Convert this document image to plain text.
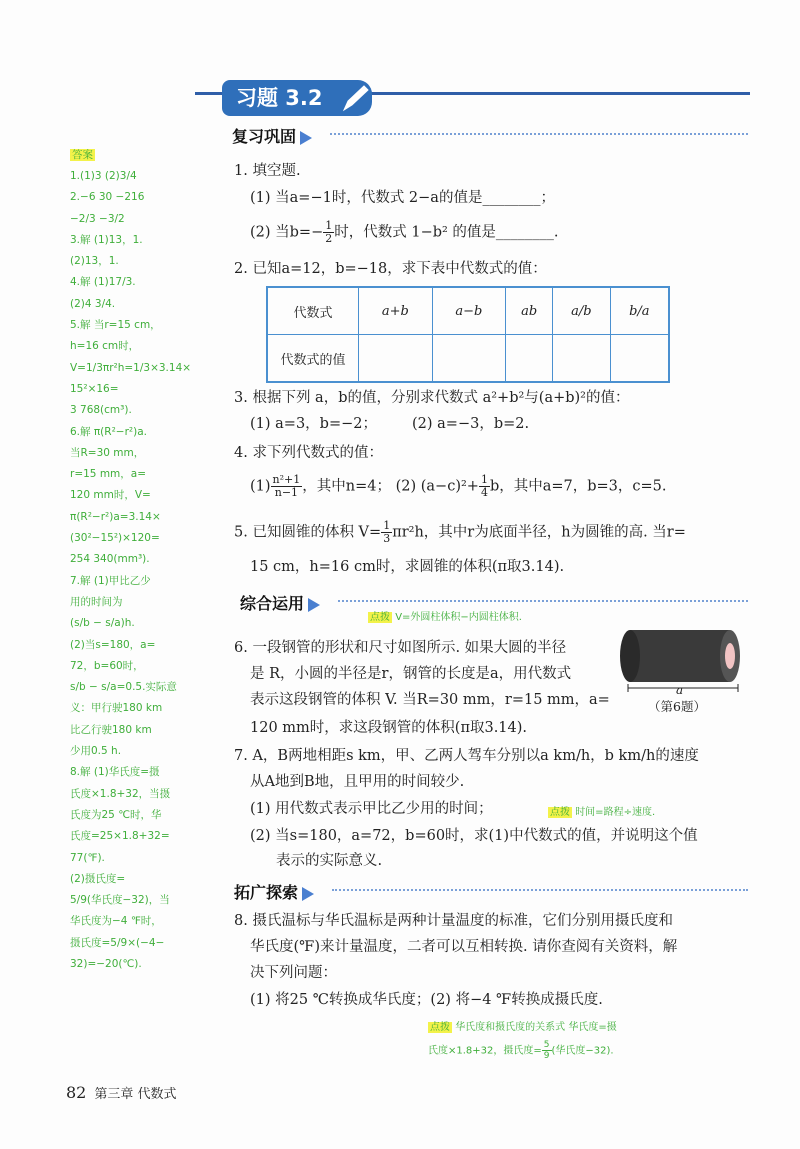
习题 3.2
复习巩固
1. 填空题.
(1) 当a=−1时，代数式 2−a的值是________；
(2) 当$b=- \frac{1}{2}$ 时，代数式 1−b² 的值是________.
2. 已知a=12，b=−18，求下表中代数式的值：
代数式	a+b	a−b	ab	a/b	b/a
代数式的值					
3. 根据下列 a，b的值，分别求代数式 a²+b²与(a+b)²的值：
(1) a=3，b=−2； (2) a=−3，b=2.
4. 求下列代数式的值：
$(1) \frac{\text{n²+1}}{n-1}$ ，其中n=4； (2) $(a-c)^2+ \frac{1}{4}$ b，其中a=7，b=3，c=5.
5. 已知圆锥的体积 $V= \frac{1}{3} \pi r^2h$，其中r为底面半径，h为圆锥的高. 当r=
15 cm，h=16 cm时，求圆锥的体积(π取3.14).
综合运用
点拨 V=外圆柱体积−内圆柱体积.
6. 一段钢管的形状和尺寸如图所示. 如果大圆的半径
是 R，小圆的半径是r，钢管的长度是a，用代数式
表示这段钢管的体积 V. 当R=30 mm，r=15 mm，a=
120 mm时，求这段钢管的体积(π取3.14).
a
（第6题）
7. A，B两地相距s km，甲、乙两人驾车分别以a km/h，b km/h的速度
从A地到B地，且甲用的时间较少.
(1) 用代数式表示甲比乙少用的时间；	点拨 时间=路程÷速度.
(2) 当s=180，a=72，b=60时，求(1)中代数式的值，并说明这个值
表示的实际意义.
拓广探索
8. 摄氏温标与华氏温标是两种计量温度的标准，它们分别用摄氏度和
华氏度(℉)来计量温度，二者可以互相转换. 请你查阅有关资料，解
决下列问题：
(1) 将25 ℃转换成华氏度；(2) 将−4 ℉转换成摄氏度.
点拨 华氏度和摄氏度的关系式 华氏度=摄
氏度×1.8+32，摄氏度= $\frac{5}{9}$ (华氏度−32).
答案
1.(1)3 (2)3/4
2.−6 30 −216
−2/3 −3/2
3.解 (1)13，1.
(2)13，1.
4.解 (1)17/3.
(2)4 3/4.
5.解 当r=15 cm，
h=16 cm时，
V=1/3πr²h=1/3×3.14×
15²×16=
3 768(cm³).
6.解 π(R²−r²)a.
当R=30 mm，
r=15 mm，a=
120 mm时，V=
π(R²−r²)a=3.14×
(30²−15²)×120=
254 340(mm³).
7.解 (1)甲比乙少
用的时间为
(s/b − s/a)h.
(2)当s=180，a=
72，b=60时，
s/b − s/a=0.5.实际意
义：甲行驶180 km
比乙行驶180 km
少用0.5 h.
8.解 (1)华氏度=摄
氏度×1.8+32，当摄
氏度为25 ℃时，华
氏度=25×1.8+32=
77(℉).
(2)摄氏度=
5/9(华氏度−32)，当
华氏度为−4 ℉时，
摄氏度=5/9×(−4−
32)=−20(℃).
82 第三章 代数式
